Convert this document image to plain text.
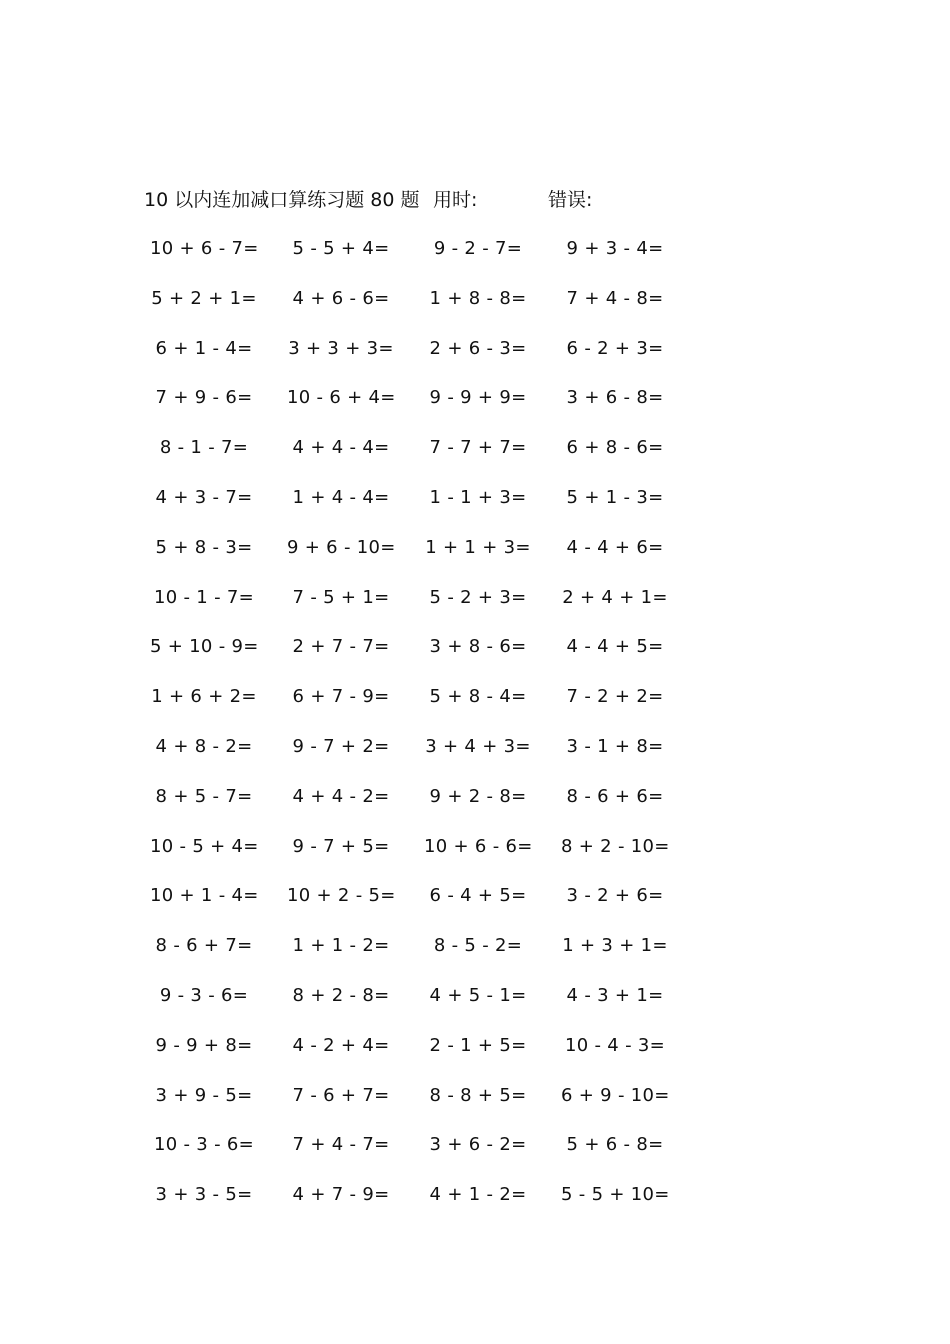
10 以内连加减口算练习题 80 题 用时:	错误:
10 + 6 - 7=	5 - 5 + 4=	9 - 2 - 7=	9 + 3 - 4=
5 + 2 + 1=	4 + 6 - 6=	1 + 8 - 8=	7 + 4 - 8=
6 + 1 - 4=	3 + 3 + 3=	2 + 6 - 3=	6 - 2 + 3=
7 + 9 - 6=	10 - 6 + 4=	9 - 9 + 9=	3 + 6 - 8=
8 - 1 - 7=	4 + 4 - 4=	7 - 7 + 7=	6 + 8 - 6=
4 + 3 - 7=	1 + 4 - 4=	1 - 1 + 3=	5 + 1 - 3=
5 + 8 - 3=	9 + 6 - 10= 1 + 1 + 3=	4 - 4 + 6=
10 - 1 - 7=	7 - 5 + 1=	5 - 2 + 3=	2 + 4 + 1=
5 + 10 - 9=	2 + 7 - 7=	3 + 8 - 6=	4 - 4 + 5=
1 + 6 + 2=	6 + 7 - 9=	5 + 8 - 4=	7 - 2 + 2=
4 + 8 - 2=	9 - 7 + 2=	3 + 4 + 3=	3 - 1 + 8=
8 + 5 - 7=	4 + 4 - 2=	9 + 2 - 8=	8 - 6 + 6=
10 - 5 + 4=	9 - 7 + 5=	10 + 6 - 6= 8 + 2 - 10=
10 + 1 - 4= 10 + 2 - 5=	6 - 4 + 5=	3 - 2 + 6=
8 - 6 + 7=	1 + 1 - 2=	8 - 5 - 2=	1 + 3 + 1=
9 - 3 - 6=	8 + 2 - 8=	4 + 5 - 1=	4 - 3 + 1=
9 - 9 + 8=	4 - 2 + 4=	2 - 1 + 5=	10 - 4 - 3=
3 + 9 - 5=	7 - 6 + 7=	8 - 8 + 5=	6 + 9 - 10=
10 - 3 - 6=	7 + 4 - 7=	3 + 6 - 2=	5 + 6 - 8=
3 + 3 - 5=	4 + 7 - 9=	4 + 1 - 2=	5 - 5 + 10=
